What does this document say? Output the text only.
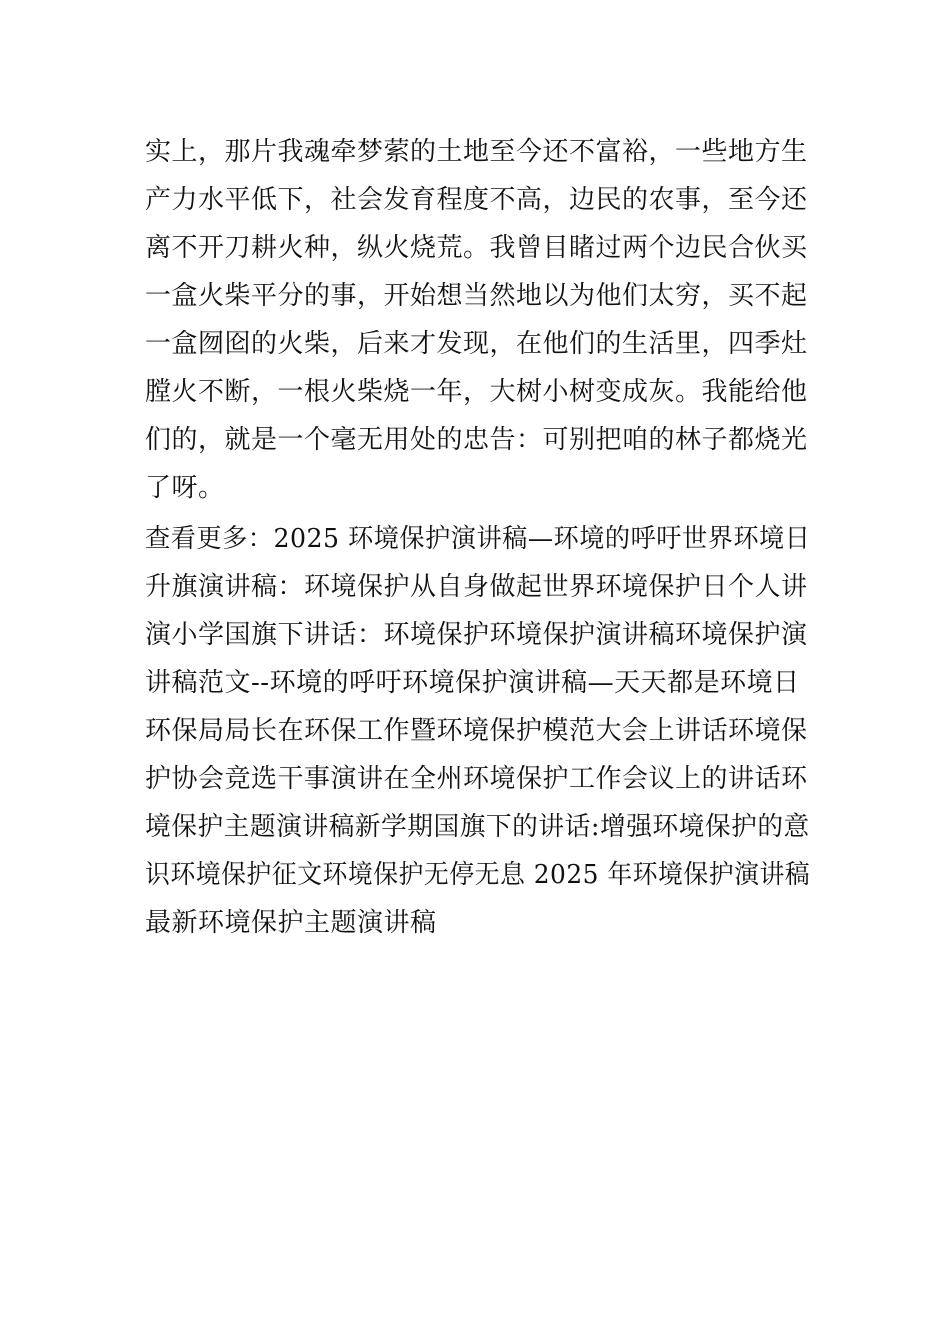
实上，那片我魂牵梦萦的土地至今还不富裕，一些地方生
产力水平低下，社会发育程度不高，边民的农事，至今还
离不开刀耕火种，纵火烧荒。我曾目睹过两个边民合伙买
一盒火柴平分的事，开始想当然地以为他们太穷，买不起
一盒囫囵的火柴，后来才发现，在他们的生活里，四季灶
膛火不断，一根火柴烧一年，大树小树变成灰。我能给他
们的，就是一个毫无用处的忠告：可别把咱的林子都烧光
了呀。
查看更多：2025 环境保护演讲稿—环境的呼吁世界环境日
升旗演讲稿：环境保护从自身做起世界环境保护日个人讲
演小学国旗下讲话：环境保护环境保护演讲稿环境保护演
讲稿范文--环境的呼吁环境保护演讲稿—天天都是环境日
环保局局长在环保工作暨环境保护模范大会上讲话环境保
护协会竞选干事演讲在全州环境保护工作会议上的讲话环
境保护主题演讲稿新学期国旗下的讲话:增强环境保护的意
识环境保护征文环境保护无停无息 2025 年环境保护演讲稿
最新环境保护主题演讲稿
